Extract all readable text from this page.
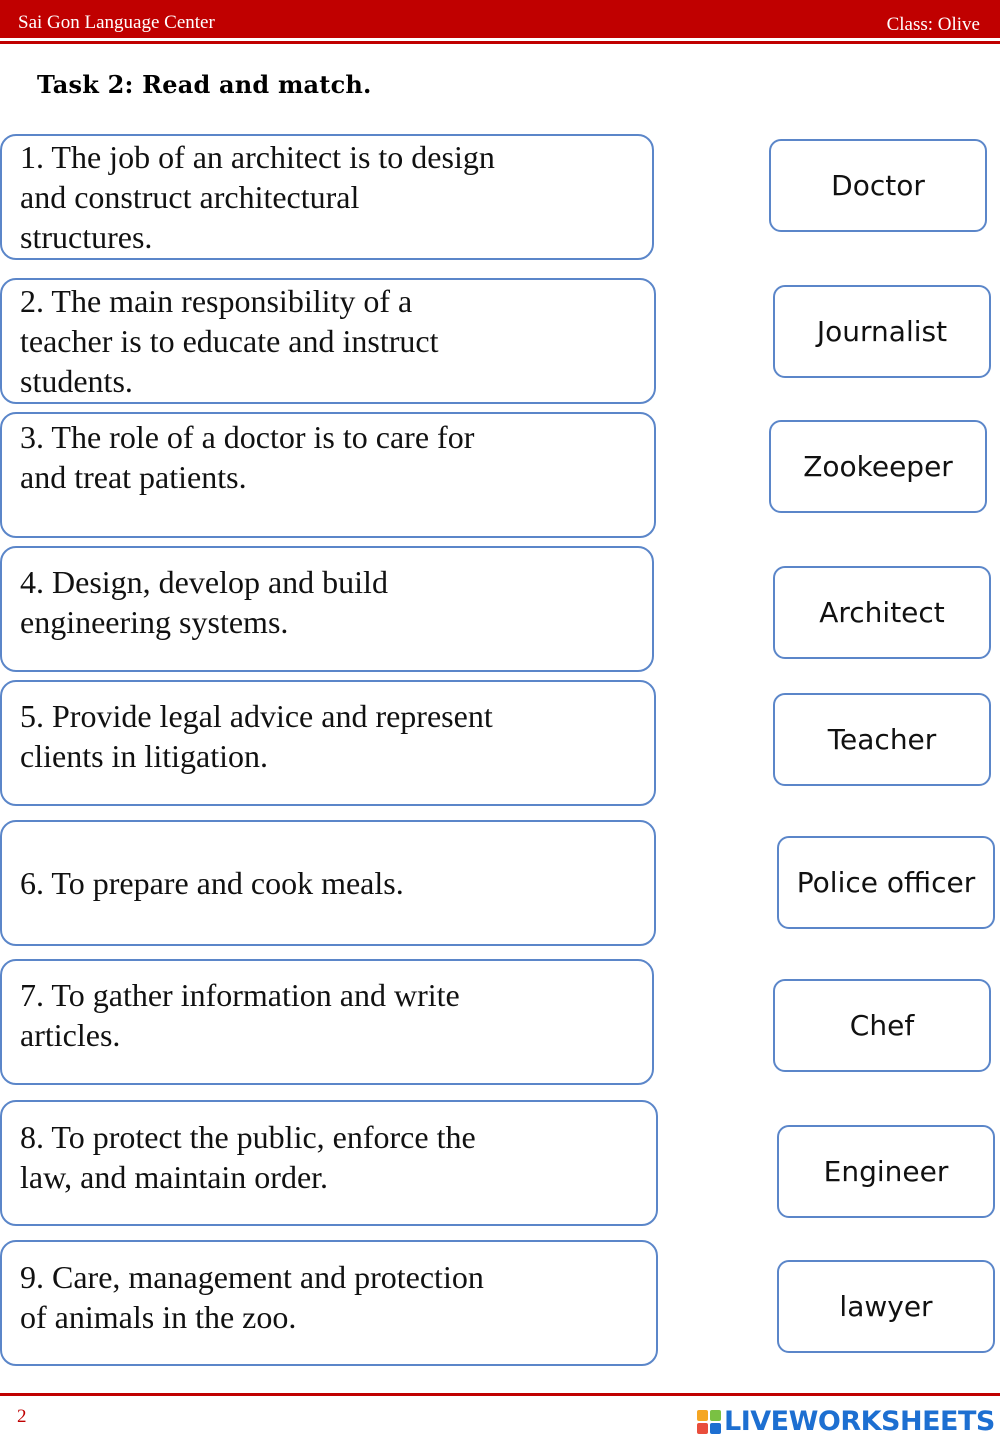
Sai Gon Language Center	Class: Olive
Task 2: Read and match.
1. The job of an architect is to design
and construct architectural
structures.
2. The main responsibility of a
teacher is to educate and instruct
students.
3. The role of a doctor is to care for
and treat patients.
4. Design, develop and build
engineering systems.
5. Provide legal advice and represent
clients in litigation.
6. To prepare and cook meals.
7. To gather information and write
articles.
8. To protect the public, enforce the
law, and maintain order.
9. Care, management and protection
of animals in the zoo.
Doctor
Journalist
Zookeeper
Architect
Teacher
Police officer
Chef
Engineer
lawyer
2	LIVEWORKSHEETS
